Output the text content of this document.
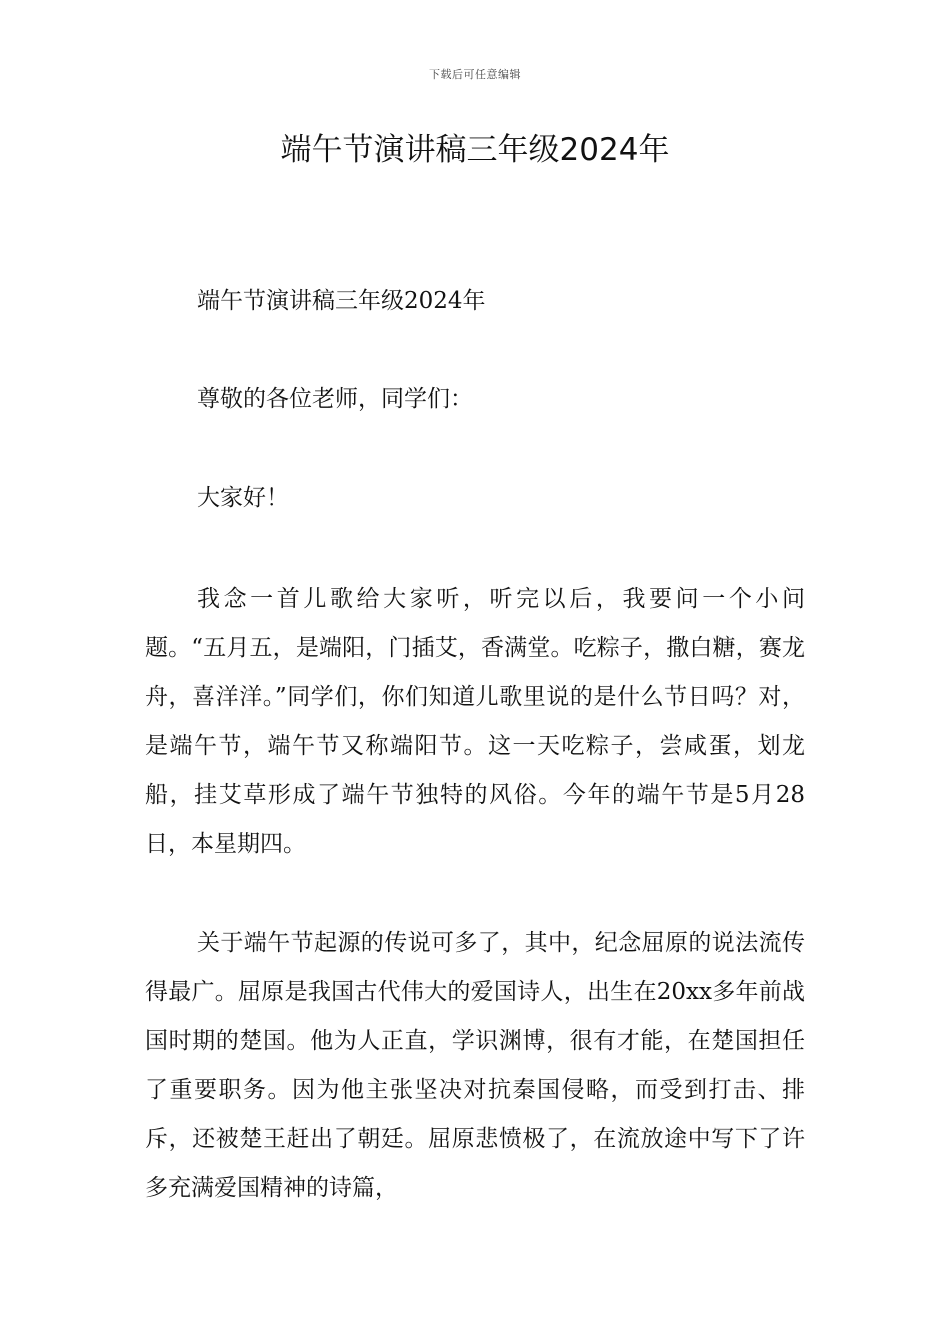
下载后可任意编辑
端午节演讲稿三年级2024年

端午节演讲稿三年级2024年

尊敬的各位老师，同学们：

大家好！

我念一首儿歌给大家听，听完以后，我要问一个小问题。“五月五，是端阳，门插艾，香满堂。吃粽子，撒白糖，赛龙舟，喜洋洋。”同学们，你们知道儿歌里说的是什么节日吗？对，是端午节，端午节又称端阳节。这一天吃粽子，尝咸蛋，划龙船，挂艾草形成了端午节独特的风俗。今年的端午节是5月28日，本星期四。

关于端午节起源的传说可多了，其中，纪念屈原的说法流传得最广。屈原是我国古代伟大的爱国诗人，出生在20xx多年前战国时期的楚国。他为人正直，学识渊博，很有才能，在楚国担任了重要职务。因为他主张坚决对抗秦国侵略，而受到打击、排斥，还被楚王赶出了朝廷。屈原悲愤极了，在流放途中写下了许多充满爱国精神的诗篇，
